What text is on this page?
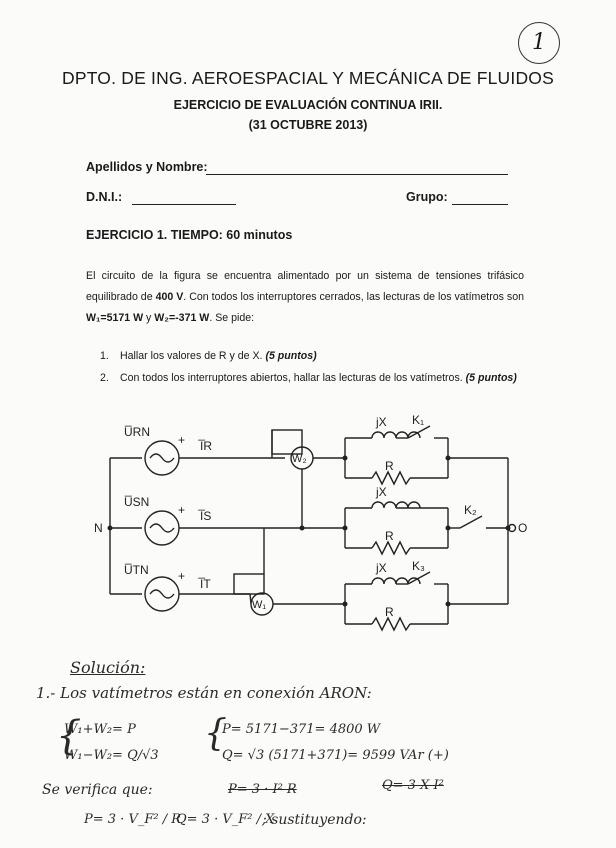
1
DPTO. DE ING. AEROESPACIAL Y MECÁNICA DE FLUIDOS
EJERCICIO DE EVALUACIÓN CONTINUA IRII.
(31 OCTUBRE 2013)
Apellidos y Nombre:
D.N.I.:	Grupo:
EJERCICIO 1. TIEMPO: 60 minutos
El circuito de la figura se encuentra alimentado por un sistema de tensiones trifásico equilibrado de 400 V. Con todos los interruptores cerrados, las lecturas de los vatímetros son W₁=5171 W y W₂=-371 W. Se pide:
1. Hallar los valores de R y de X. (5 puntos)
2. Con todos los interruptores abiertos, hallar las lecturas de los vatímetros. (5 puntos)
U̅RN
U̅SN
U̅TN
+
+
+
I̅R
I̅S
I̅T
W₂
W₁
jX
R
K₁
jX
R
K₂
jX
R
K₃
N	O
Solución:
1.- Los vatímetros están en conexión ARON:
W₁+W₂= P
W₁−W₂= Q/√3
{	{
P= 5171−371= 4800 W
Q= √3 (5171+371)= 9599 VAr (+)
Se verifica que:	P= 3 · I² R	Q= 3 X I²
P= 3 · V_F² / R
Q= 3 · V_F² / X
; sustituyendo:
